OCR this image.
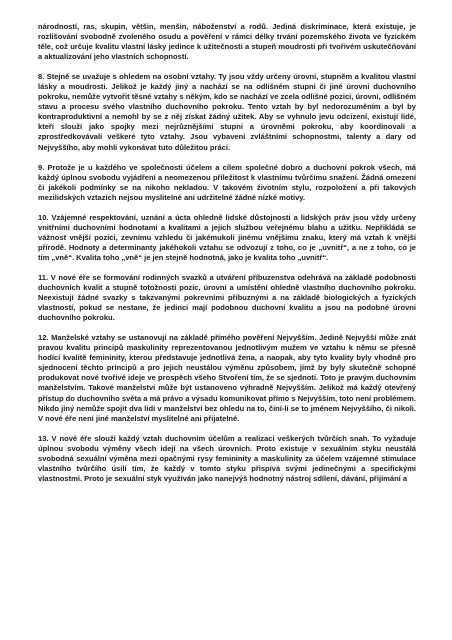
národností, ras, skupin, většin, menšin, náboženství a rodů. Jediná diskriminace, která existuje, je rozlišování svobodně zvoleného osudu a pověření v rámci délky trvání pozemského života ve fyzickém těle, což určuje kvalitu vlastní lásky jedince k užitečnosti a stupeň moudrosti při tvořivém uskutečňování a aktualizování jeho vlastních schopností.

8. Stejně se uvažuje s ohledem na osobní vztahy. Ty jsou vždy určeny úrovní, stupněm a kvalitou vlastní lásky a moudrosti. Jelikož je každý jiný a nachází se na odlišném stupni či jiné úrovni duchovního pokroku, nemůže vytvořit těsné vztahy s někým, kdo se nachází ve zcela odlišné pozici, úrovni, odlišném stavu a procesu svého vlastního duchovního pokroku. Tento vztah by byl nedorozuměním a byl by kontraproduktivní a nemohl by se z něj získat žádný užitek. Aby se vyhnulo jevu odcizení, existují lidé, kteří slouží jako spojky mezi nejrůznějšími stupni a úrovněmi pokroku, aby koordinovali a zprostředkovávali veškeré tyto vztahy. Jsou vybaveni zvláštními schopnostmi, talenty a dary od Nejvyššího, aby mohli vykonávat tuto důležitou práci.

9. Protože je u každého ve společnosti účelem a cílem společné dobro a duchovní pokrok všech, má každý úplnou svobodu vyjádření a neomezenou příležitost k vlastnímu tvůrčímu snažení. Žádná omezení či jakékoli podmínky se na nikoho nekladou. V takovém životním stylu, rozpoložení a při takových mezilidských vztazích nejsou myslitelné ani udržitelné žádné nízké motivy.

10. Vzájemné respektování, uznání a úcta ohledně lidské důstojnosti a lidských práv jsou vždy určeny vnitřními duchovními hodnotami a kvalitami a jejich službou veřejnému blahu a užitku. Nepřikládá se vážnost vnější pozici, zevnímu vzhledu či jakémukoli jinému vnějšímu znaku, který má vztah k vnější přírodě. Hodnoty a determinanty jakéhokoli vztahu se odvozují z toho, co je „uvnitř“, a ne z toho, co je tím „vně“. Kvalita toho „vně“ je jen stejně hodnotná, jako je kvalita toho „uvnitř“.

11. V nové éře se formování rodinných svazků a utváření příbuzenstva odehrává na základě podobnosti duchovních kvalit a stupně totožnosti pozic, úrovní a umístění ohledně vlastního duchovního pokroku. Neexistují žádné svazky s takzvanými pokrevními příbuznými a na základě biologických a fyzických vlastností, pokud se nestane, že jedinci mají podobnou duchovní kvalitu a jsou na podobné úrovni duchovního pokroku.

12. Manželské vztahy se ustanovují na základě přímého pověření Nejvyšším. Jedině Nejvyšší může znát pravou kvalitu principů maskulinity reprezentovanou jednotlivým mužem ve vztahu k němu se přesně hodící kvalitě femininity, kterou představuje jednotlivá žena, a naopak, aby tyto kvality byly vhodně pro sjednocení těchto principů a pro jejich neustálou výměnu způsobem, jímž by byly skutečně schopné produkovat nové tvořivé ideje ve prospěch všeho Stvoření tím, že se sjednotí. Toto je pravým duchovním manželstvím. Takové manželství může být ustanoveno výhradně Nejvyšším. Jelikož má každý otevřený přístup do duchovního světa a má právo a výsadu komunikovat přímo s Nejvyšším, toto není problémem. Nikdo jiný nemůže spojit dva lidi v manželství bez ohledu na to, činí-li se to jménem Nejvyššího, či nikoli. V nové éře není jiné manželství myslitelné ani přijatelné.

13. V nové éře slouží každý vztah duchovním účelům a realizaci veškerých tvůrčích snah. To vyžaduje úplnou svobodu výměny všech idejí na všech úrovních. Proto existuje v sexuálním styku neustálá svobodná sexuální výměna mezi opačnými rysy femininity a maskulinity za účelem vzájemné stimulace vlastního tvůrčího úsilí tím, že každý v tomto styku přispívá svými jedinečnými a specifickými vlastnostmi. Proto je sexuální styk využíván jako nanejvýš hodnotný nástroj sdílení, dávání, přijímání a
